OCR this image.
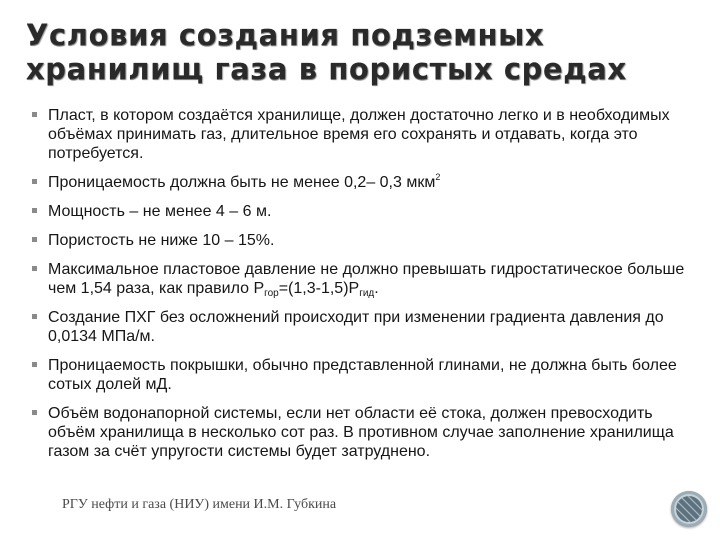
Условия создания подземных
хранилищ газа в пористых средах
Пласт, в котором создаётся хранилище, должен достаточно легко и в необходимых объёмах принимать газ, длительное время его сохранять и отдавать, когда это потребуется.
Проницаемость должна быть не менее 0,2– 0,3 мкм$^2$
Мощность – не менее 4 – 6 м.
Пористость не ниже 10 – 15%.
Максимальное пластовое давление не должно превышать гидростатическое больше чем 1,54 раза, как правило $P_{гор}=(1,3-1,5)P_{гид}$.
Создание ПХГ без осложнений происходит при изменении градиента давления до 0,0134 МПа/м.
Проницаемость покрышки, обычно представленной глинами, не должна быть более сотых долей мД.
Объём водонапорной системы, если нет области её стока, должен превосходить объём хранилища в несколько сот раз. В противном случае заполнение хранилища газом за счёт упругости системы будет затруднено.
РГУ нефти и газа (НИУ) имени И.М. Губкина
